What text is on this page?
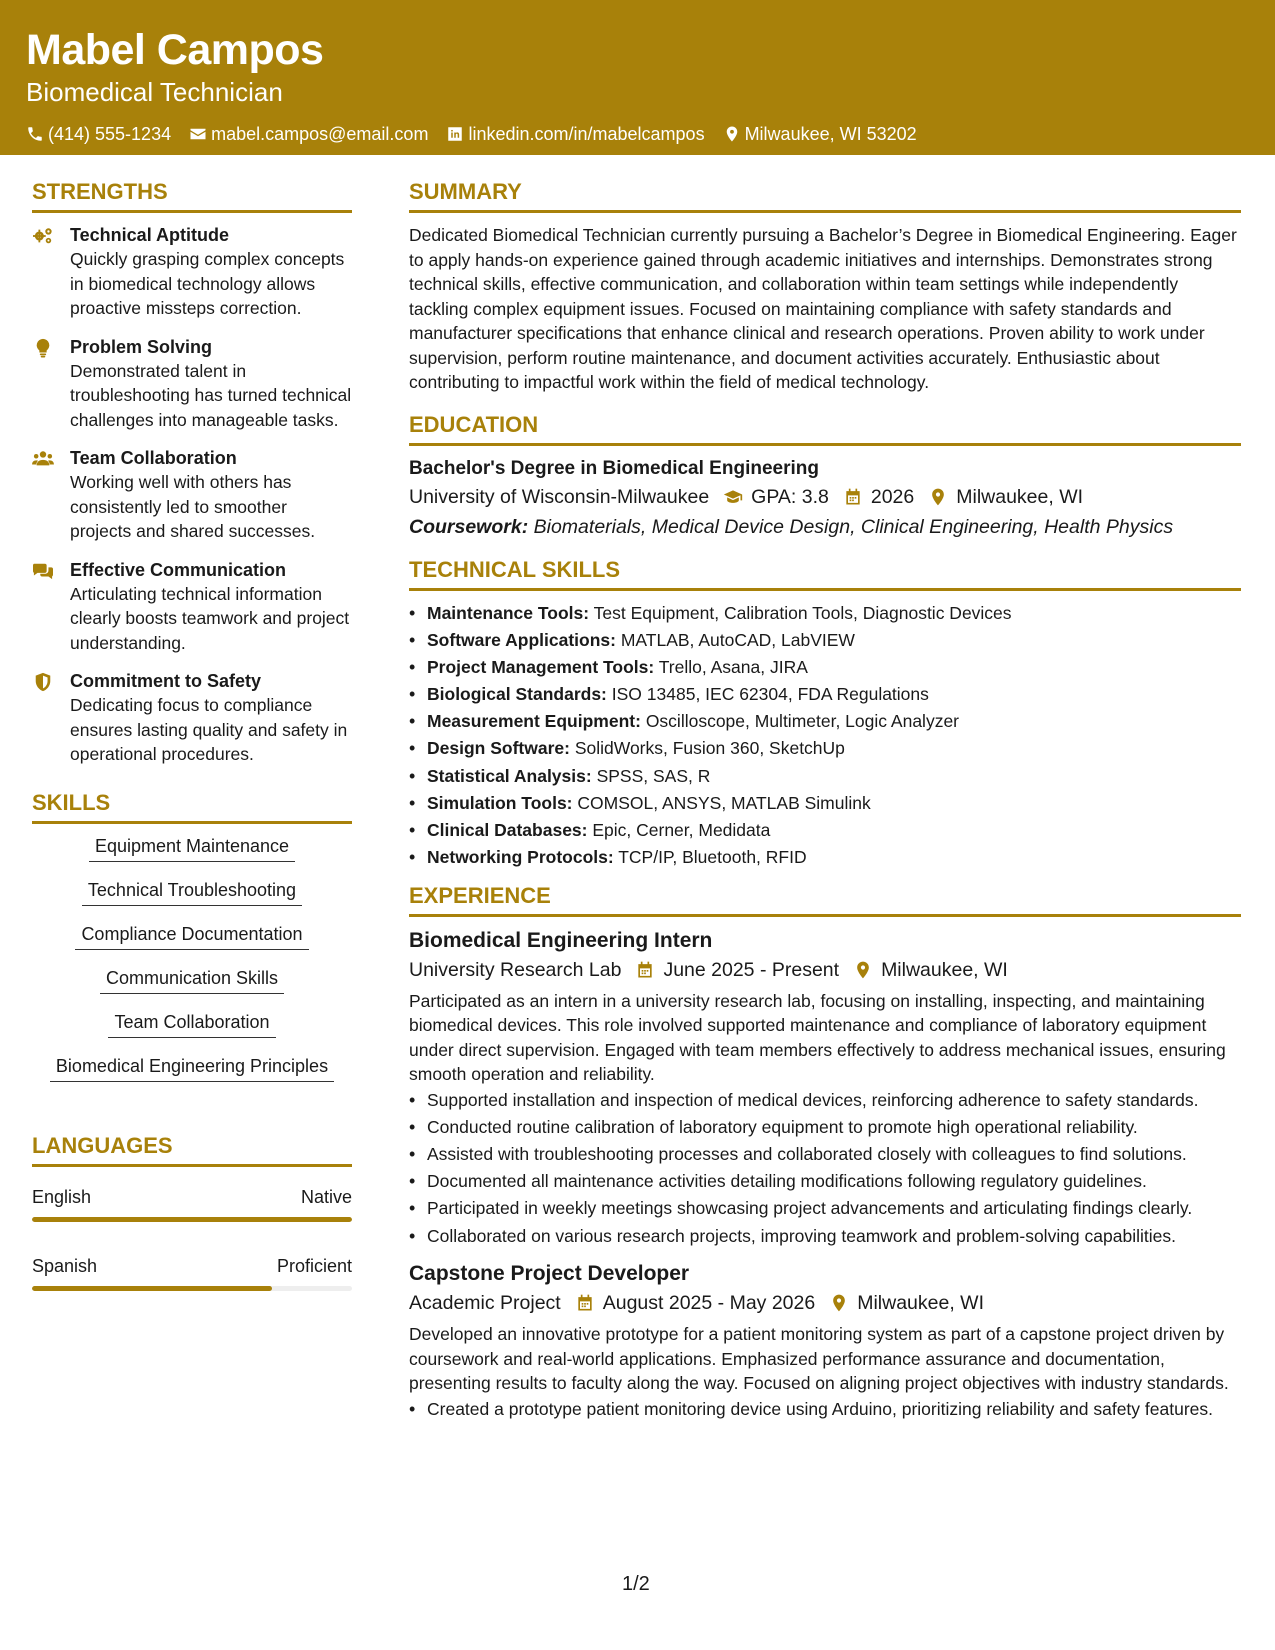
Mabel Campos
Biomedical Technician
(414) 555-1234 mabel.campos@email.com linkedin.com/in/mabelcampos Milwaukee, WI 53202
STRENGTHS
Technical Aptitude
Quickly grasping complex concepts in biomedical technology allows proactive missteps correction.
Problem Solving
Demonstrated talent in troubleshooting has turned technical challenges into manageable tasks.
Team Collaboration
Working well with others has consistently led to smoother projects and shared successes.
Effective Communication
Articulating technical information clearly boosts teamwork and project understanding.
Commitment to Safety
Dedicating focus to compliance ensures lasting quality and safety in operational procedures.
SKILLS
Equipment Maintenance
Technical Troubleshooting
Compliance Documentation
Communication Skills
Team Collaboration
Biomedical Engineering Principles
LANGUAGES
English	Native
Spanish	Proficient
SUMMARY
Dedicated Biomedical Technician currently pursuing a Bachelor’s Degree in Biomedical Engineering. Eager to apply hands-on experience gained through academic initiatives and internships. Demonstrates strong technical skills, effective communication, and collaboration within team settings while independently tackling complex equipment issues. Focused on maintaining compliance with safety standards and manufacturer specifications that enhance clinical and research operations. Proven ability to work under supervision, perform routine maintenance, and document activities accurately. Enthusiastic about contributing to impactful work within the field of medical technology.
EDUCATION
Bachelor's Degree in Biomedical Engineering
University of Wisconsin-Milwaukee GPA: 3.8 2026 Milwaukee, WI
Coursework: Biomaterials, Medical Device Design, Clinical Engineering, Health Physics
TECHNICAL SKILLS
• Maintenance Tools: Test Equipment, Calibration Tools, Diagnostic Devices
• Software Applications: MATLAB, AutoCAD, LabVIEW
• Project Management Tools: Trello, Asana, JIRA
• Biological Standards: ISO 13485, IEC 62304, FDA Regulations
• Measurement Equipment: Oscilloscope, Multimeter, Logic Analyzer
• Design Software: SolidWorks, Fusion 360, SketchUp
• Statistical Analysis: SPSS, SAS, R
• Simulation Tools: COMSOL, ANSYS, MATLAB Simulink
• Clinical Databases: Epic, Cerner, Medidata
• Networking Protocols: TCP/IP, Bluetooth, RFID
EXPERIENCE
Biomedical Engineering Intern
University Research Lab June 2025 - Present Milwaukee, WI
Participated as an intern in a university research lab, focusing on installing, inspecting, and maintaining biomedical devices. This role involved supported maintenance and compliance of laboratory equipment under direct supervision. Engaged with team members effectively to address mechanical issues, ensuring smooth operation and reliability.
• Supported installation and inspection of medical devices, reinforcing adherence to safety standards.
• Conducted routine calibration of laboratory equipment to promote high operational reliability.
• Assisted with troubleshooting processes and collaborated closely with colleagues to find solutions.
• Documented all maintenance activities detailing modifications following regulatory guidelines.
• Participated in weekly meetings showcasing project advancements and articulating findings clearly.
• Collaborated on various research projects, improving teamwork and problem-solving capabilities.
Capstone Project Developer
Academic Project August 2025 - May 2026 Milwaukee, WI
Developed an innovative prototype for a patient monitoring system as part of a capstone project driven by coursework and real-world applications. Emphasized performance assurance and documentation, presenting results to faculty along the way. Focused on aligning project objectives with industry standards.
• Created a prototype patient monitoring device using Arduino, prioritizing reliability and safety features.
1/2
